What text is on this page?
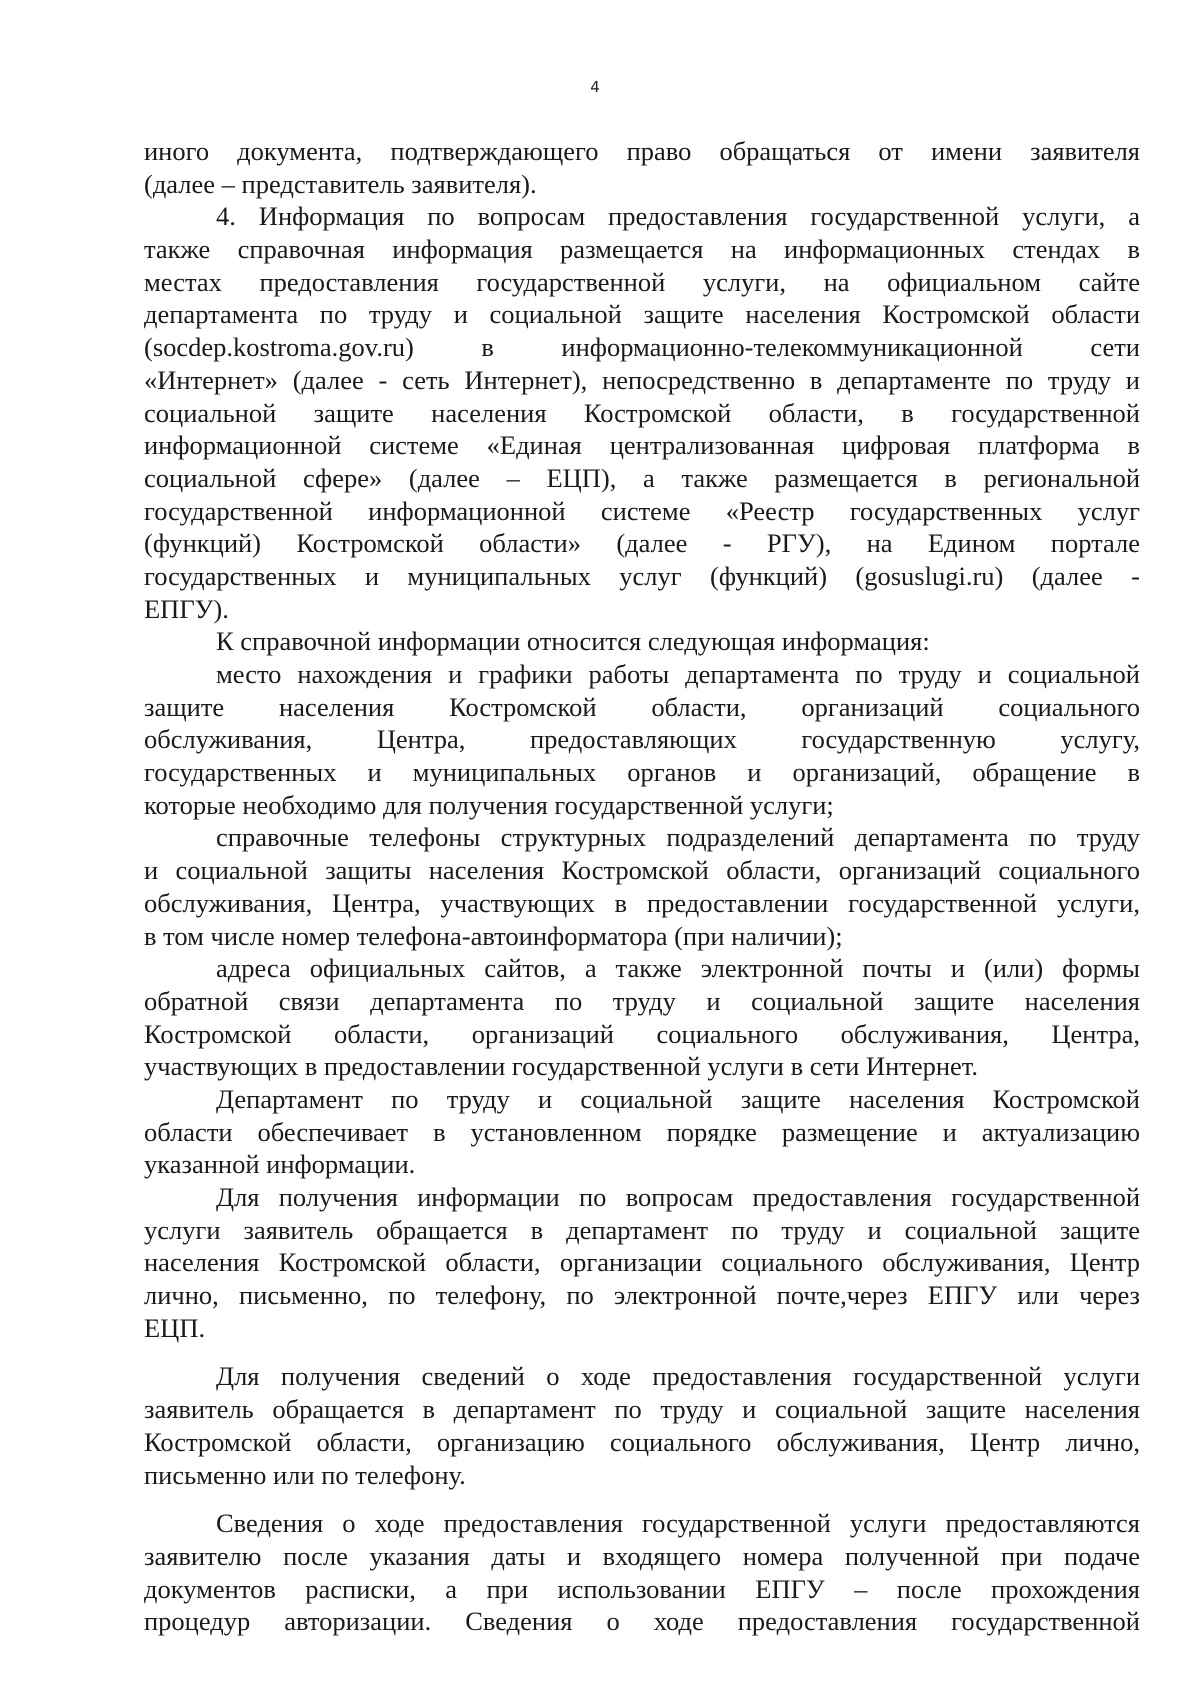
4
иного документа, подтверждающего право обращаться от имени заявителя
(далее – представитель заявителя).
4. Информация по вопросам предоставления государственной услуги, а
также справочная информация размещается на информационных стендах в
местах предоставления государственной услуги, на официальном сайте
департамента по труду и социальной защите населения Костромской области
(socdep.kostroma.gov.ru) в информационно-телекоммуникационной сети
«Интернет» (далее - сеть Интернет), непосредственно в департаменте по труду и
социальной защите населения Костромской области, в государственной
информационной системе «Единая централизованная цифровая платформа в
социальной сфере» (далее – ЕЦП), а также размещается в региональной
государственной информационной системе «Реестр государственных услуг
(функций) Костромской области» (далее - РГУ), на Едином портале
государственных и муниципальных услуг (функций) (gosuslugi.ru) (далее -
ЕПГУ).
К справочной информации относится следующая информация:
место нахождения и графики работы департамента по труду и социальной
защите населения Костромской области, организаций социального
обслуживания, Центра, предоставляющих государственную услугу,
государственных и муниципальных органов и организаций, обращение в
которые необходимо для получения государственной услуги;
справочные телефоны структурных подразделений департамента по труду
и социальной защиты населения Костромской области, организаций социального
обслуживания, Центра, участвующих в предоставлении государственной услуги,
в том числе номер телефона-автоинформатора (при наличии);
адреса официальных сайтов, а также электронной почты и (или) формы
обратной связи департамента по труду и социальной защите населения
Костромской области, организаций социального обслуживания, Центра,
участвующих в предоставлении государственной услуги в сети Интернет.
Департамент по труду и социальной защите населения Костромской
области обеспечивает в установленном порядке размещение и актуализацию
указанной информации.
Для получения информации по вопросам предоставления государственной
услуги заявитель обращается в департамент по труду и социальной защите
населения Костромской области, организации социального обслуживания, Центр
лично, письменно, по телефону, по электронной почте,через ЕПГУ или через
ЕЦП.
Для получения сведений о ходе предоставления государственной услуги
заявитель обращается в департамент по труду и социальной защите населения
Костромской области, организацию социального обслуживания, Центр лично,
письменно или по телефону.
Сведения о ходе предоставления государственной услуги предоставляются
заявителю после указания даты и входящего номера полученной при подаче
документов расписки, а при использовании ЕПГУ – после прохождения
процедур авторизации. Сведения о ходе предоставления государственной
